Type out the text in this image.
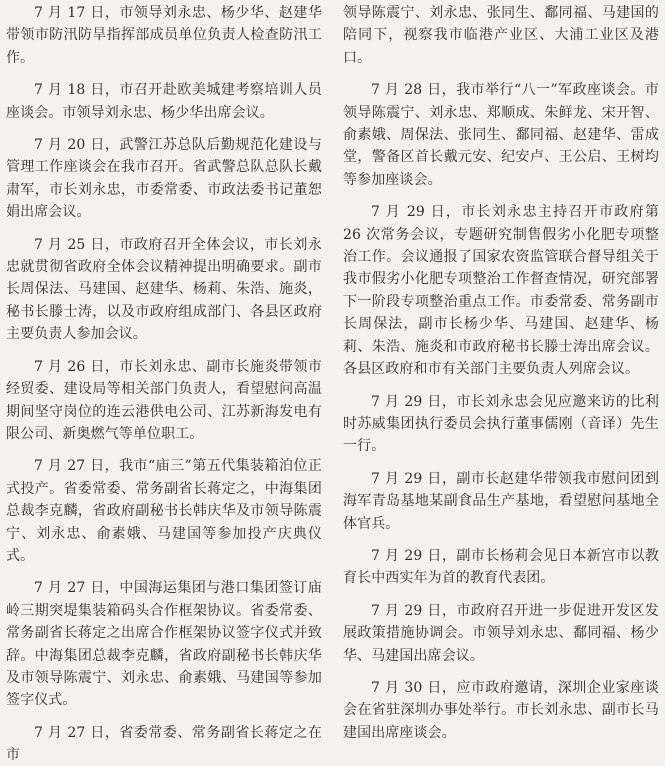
7 月 17 日，市领导刘永忠、杨少华、赵建华带领市防汛防旱指挥部成员单位负责人检查防汛工作。

7 月 18 日，市召开赴欧美城建考察培训人员座谈会。市领导刘永忠、杨少华出席会议。

7 月 20 日，武警江苏总队后勤规范化建设与管理工作座谈会在我市召开。省武警总队总队长戴肃军，市长刘永忠，市委常委、市政法委书记董恕娟出席会议。

7 月 25 日，市政府召开全体会议，市长刘永忠就贯彻省政府全体会议精神提出明确要求。副市长周保法、马建国、赵建华、杨莉、朱浩、施炎，秘书长滕士涛，以及市政府组成部门、各县区政府主要负责人参加会议。

7 月 26 日，市长刘永忠、副市长施炎带领市经贸委、建设局等相关部门负责人，看望慰问高温期间坚守岗位的连云港供电公司、江苏新海发电有限公司、新奥燃气等单位职工。

7 月 27 日，我市“庙三”第五代集装箱泊位正式投产。省委常委、常务副省长蒋定之，中海集团总裁李克麟，省政府副秘书长韩庆华及市领导陈震宁、刘永忠、俞素娥、马建国等参加投产庆典仪式。

7 月 27 日，中国海运集团与港口集团签订庙岭三期突堤集装箱码头合作框架协议。省委常委、常务副省长蒋定之出席合作框架协议签字仪式并致辞。中海集团总裁李克麟，省政府副秘书长韩庆华及市领导陈震宁、刘永忠、俞素娥、马建国等参加签字仪式。

7 月 27 日，省委常委、常务副省长蒋定之在市

领导陈震宁、刘永忠、张同生、鄱同福、马建国的陪同下，视察我市临港产业区、大浦工业区及港口。

7 月 28 日，我市举行“八一”军政座谈会。市领导陈震宁、刘永忠、郑顺成、朱鲜龙、宋开智、俞素娥、周保法、张同生、鄱同福、赵建华、雷成堂，警备区首长戴元安、纪安卢、王公启、王树均等参加座谈会。

7 月 29 日，市长刘永忠主持召开市政府第 26 次常务会议，专题研究制售假劣小化肥专项整治工作。会议通报了国家农资监管联合督导组关于我市假劣小化肥专项整治工作督查情况，研究部署下一阶段专项整治重点工作。市委常委、常务副市长周保法，副市长杨少华、马建国、赵建华、杨莉、朱浩、施炎和市政府秘书长滕士涛出席会议。各县区政府和市有关部门主要负责人列席会议。

7 月 29 日，市长刘永忠会见应邀来访的比利时苏威集团执行委员会执行董事儒刚（音译）先生一行。

7 月 29 日，副市长赵建华带领我市慰问团到海军青岛基地某副食品生产基地，看望慰问基地全体官兵。

7 月 29 日，副市长杨莉会见日本新宫市以教育长中西实年为首的教育代表团。

7 月 29 日，市政府召开进一步促进开发区发展政策措施协调会。市领导刘永忠、鄱同福、杨少华、马建国出席会议。

7 月 30 日，应市政府邀请，深圳企业家座谈会在省驻深圳办事处举行。市长刘永忠、副市长马建国出席座谈会。
